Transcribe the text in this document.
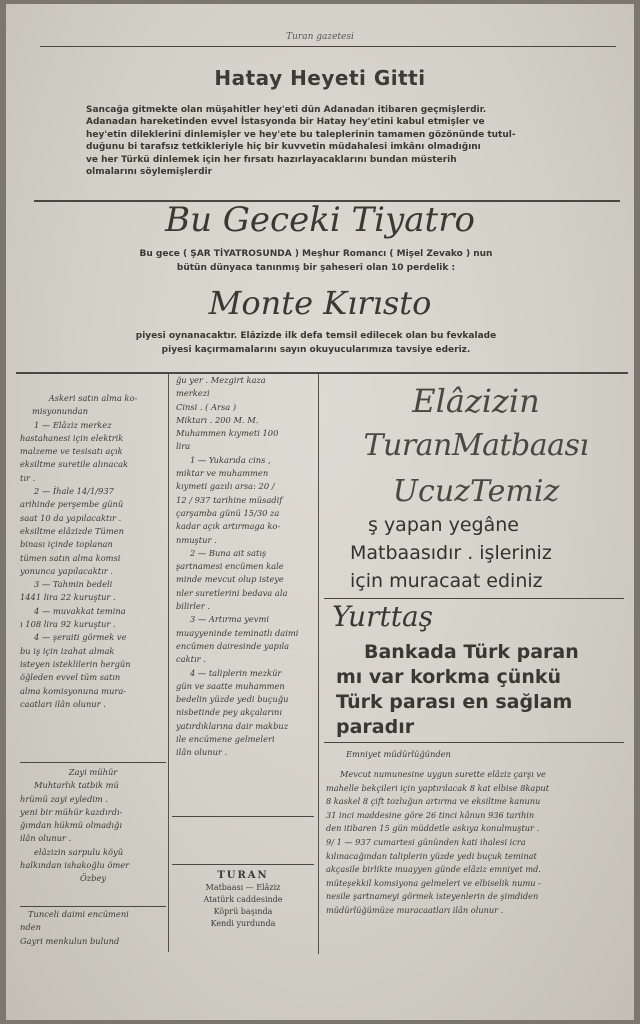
Turan gazetesi
Hatay Heyeti Gitti
Sancağa gitmekte olan müşahitler hey'eti dün Adanadan itibaren geçmişlerdir.
Adanadan hareketinden evvel İstasyonda bir Hatay hey'etini kabul etmişler ve
hey'etin dileklerini dinlemişler ve hey'ete bu taleplerinin tamamen gözönünde tutul-
duğunu bi tarafsız tetkikleriyle hiç bir kuvvetin müdahalesi imkânı olmadığını
ve her Türkü dinlemek için her fırsatı hazırlayacaklarını bundan müsterih
olmalarını söylemişlerdir
Bu Geceki Tiyatro
Bu gece ( ŞAR TİYATROSUNDA ) Meşhur Romancı ( Mişel Zevako ) nun
bütün dünyaca tanınmış bir şaheseri olan 10 perdelik :
Monte Kırısto
piyesi oynanacaktır. Elâzizde ilk defa temsil edilecek olan bu fevkalade
piyesi kaçırmamalarını sayın okuyucularımıza tavsiye ederiz.
Askeri satın alma ko-
misyonundan
1 — Elâziz merkez
hastahanesi için elektrik
malzeme ve tesisatı açık
eksiltme suretile alınacak
tır .
2 — İhale 14/1/937
arihinde perşembe günü
saat 10 da yapılacaktır .
eksiltme elâzizde Tümen
binası içinde toplanan
tümen satın alma komsi
yonunca yapılacaktır .
3 — Tahmin bedeli
1441 lira 22 kuruştur .
4 — muvakkat temina
ı 108 lira 92 kuruştur .
4 — şeraiti görmek ve
bu iş için izahat almak
isteyen isteklilerin hergün
öğleden evvel tüm satın
alma komisyonuna mura-
caatları ilân olunur .
Zayi mühür
Muhtarlık tatbik mü
hrümü zayi eyledim .
yeni bir mühür kazdırdı-
ğımdan hükmü olmadığı
ilân olunur .
elâzizin sarpulu köyü
halkından ishakoğlu ömer
Özbey
Tunceli daimi encümeni
nden
Gayri menkulun bulund
ğu yer . Mezgirt kaza
merkezi
Cinsi . ( Arsa )
Miktarı . 200 M. M.
Muhammen kıymeti 100
lira
1 — Yukarıda cins ,
miktar ve muhammen
kıymeti gazılı arsa: 20 /
12 / 937 tarihine müsadif
çarşamba günü 15/30 za
kadar açık artırmaga ko-
nmuştur .
2 — Buna ait satış
şartnamesi encümen kale
minde mevcut olup isteye
nler suretlerini bedava ala
bilirler .
3 — Artırma yevmi
muayyeninde teminatlı daimi
encümen dairesinde yapıla
caktır .
4 — taliplerin mezkür
gün ve saatte muhammen
bedelin yüzde yedi buçuğu
nisbetinde pey akçalarını
yatırdıklarına dair makbuz
ile encümene gelmeleri
ilân olunur .
TURAN
Matbaası — Elâziz
Atatürk caddesinde
Köprü başında
Kendi yurdunda
Elâzizin
TuranMatbaası
UcuzTemiz
ş yapan yegâne
Matbaasıdır . işleriniz
için muracaat ediniz
Yurttaş
Bankada Türk paran
mı var korkma çünkü
Türk parası en sağlam
paradır
Emniyet müdürlüğünden
Mevcut numunesine uygun surette elâziz çarşı ve
mahelle bekçileri için yaptırılacak 8 kat elbise 8kaput
8 kaskel 8 çift tozluğun artırma ve eksiltme kanunu
31 inci maddesine göre 26 tinci kânun 936 tarihin
den itibaren 15 gün müddetle askıya konulmuştur .
9/ 1 — 937 cumartesi gününden kati ihalesi icra
kılınacağından taliplerin yüzde yedi buçuk teminat
akçasile birlikte muayyen günde elâziz emniyet md.
müteşekkil komsiyona gelmeleri ve elbiselik numu -
nesile şartnameyi görmek isteyenlerin de şimdiden
müdürlüğümüze muracaatları ilân olunur .
